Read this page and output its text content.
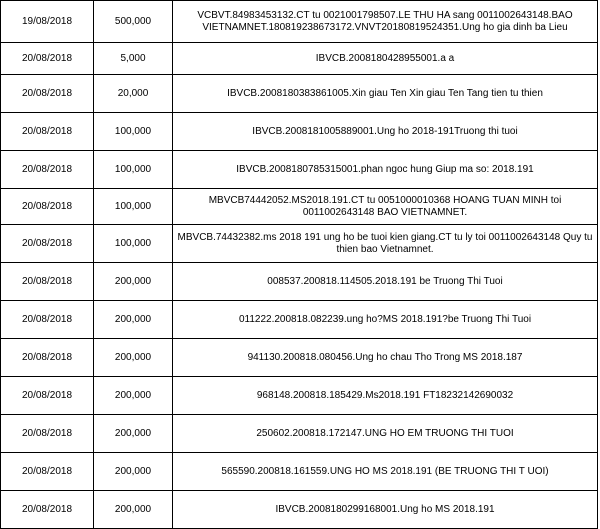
19/08/2018	500,000	VCBVT.84983453132.CT tu 0021001798507.LE THU HA sang 0011002643148.BAO VIETNAMNET.180819238673172.VNVT20180819524351.Ung ho gia dinh ba Lieu
20/08/2018	5,000	IBVCB.2008180428955001.a a
20/08/2018	20,000	IBVCB.2008180383861005.Xin giau Ten Xin giau Ten Tang tien tu thien
20/08/2018	100,000	IBVCB.2008181005889001.Ung ho 2018-191Truong thi tuoi
20/08/2018	100,000	IBVCB.2008180785315001.phan ngoc hung Giup ma so: 2018.191
20/08/2018	100,000	MBVCB74442052.MS2018.191.CT tu 0051000010368 HOANG TUAN MINH toi 0011002643148 BAO VIETNAMNET.
20/08/2018	100,000	MBVCB.74432382.ms 2018 191 ung ho be tuoi kien giang.CT tu ly toi 0011002643148 Quy tu thien bao Vietnamnet.
20/08/2018	200,000	008537.200818.114505.2018.191 be Truong Thi Tuoi
20/08/2018	200,000	011222.200818.082239.ung ho?MS 2018.191?be Truong Thi Tuoi
20/08/2018	200,000	941130.200818.080456.Ung ho chau Tho Trong MS 2018.187
20/08/2018	200,000	968148.200818.185429.Ms2018.191 FT18232142690032
20/08/2018	200,000	250602.200818.172147.UNG HO EM TRUONG THI TUOI
20/08/2018	200,000	565590.200818.161559.UNG HO MS 2018.191 (BE TRUONG THI T UOI)
20/08/2018	200,000	IBVCB.2008180299168001.Ung ho MS 2018.191
